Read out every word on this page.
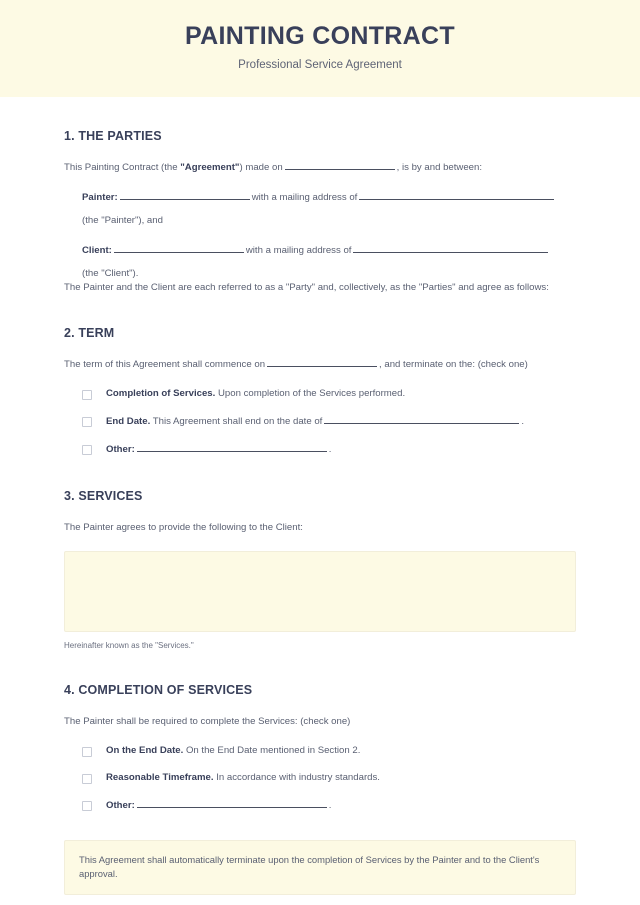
PAINTING CONTRACT

Professional Service Agreement

1. THE PARTIES

This Painting Contract (the "Agreement") made on	, is by and between:

Painter:	with a mailing address of

(the "Painter"), and

Client:	with a mailing address of

(the "Client").

The Painter and the Client are each referred to as a "Party" and, collectively, as the "Parties" and agree as follows:

2. TERM

The term of this Agreement shall commence on	, and terminate on the: (check one)

Completion of Services. Upon completion of the Services performed.
End Date. This Agreement shall end on the date of	.
Other:	.
3. SERVICES

The Painter agrees to provide the following to the Client:

Hereinafter known as the "Services."

4. COMPLETION OF SERVICES

The Painter shall be required to complete the Services: (check one)

On the End Date. On the End Date mentioned in Section 2.
Reasonable Timeframe. In accordance with industry standards.
Other:	.

This Agreement shall automatically terminate upon the completion of Services by the Painter and to the Client's approval.
